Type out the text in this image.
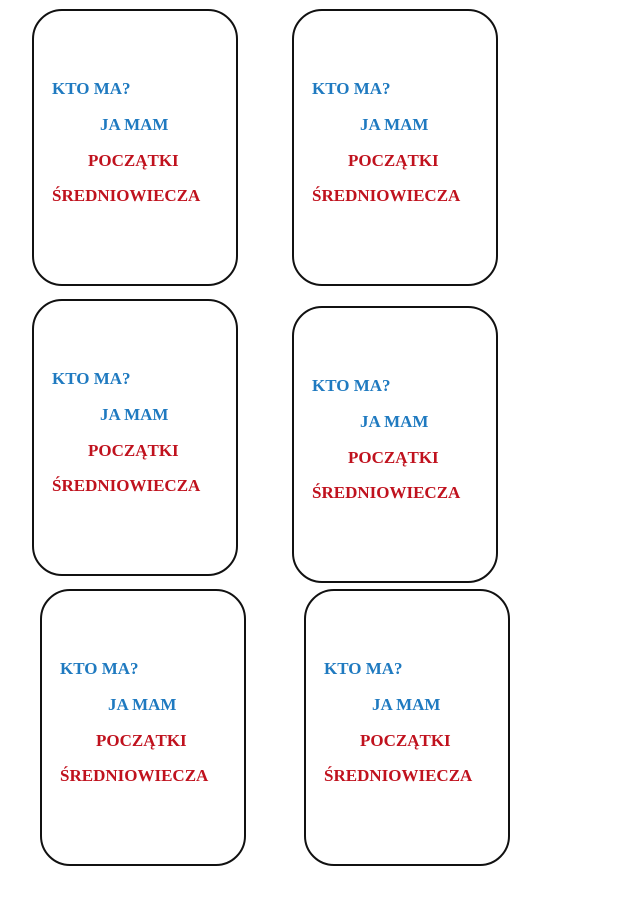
KTO MA?

JA MAM

POCZĄTKI

ŚREDNIOWIECZA

KTO MA?

JA MAM

POCZĄTKI

ŚREDNIOWIECZA

KTO MA?

JA MAM

POCZĄTKI

ŚREDNIOWIECZA

KTO MA?

JA MAM

POCZĄTKI

ŚREDNIOWIECZA

KTO MA?

JA MAM

POCZĄTKI

ŚREDNIOWIECZA

KTO MA?

JA MAM

POCZĄTKI

ŚREDNIOWIECZA
